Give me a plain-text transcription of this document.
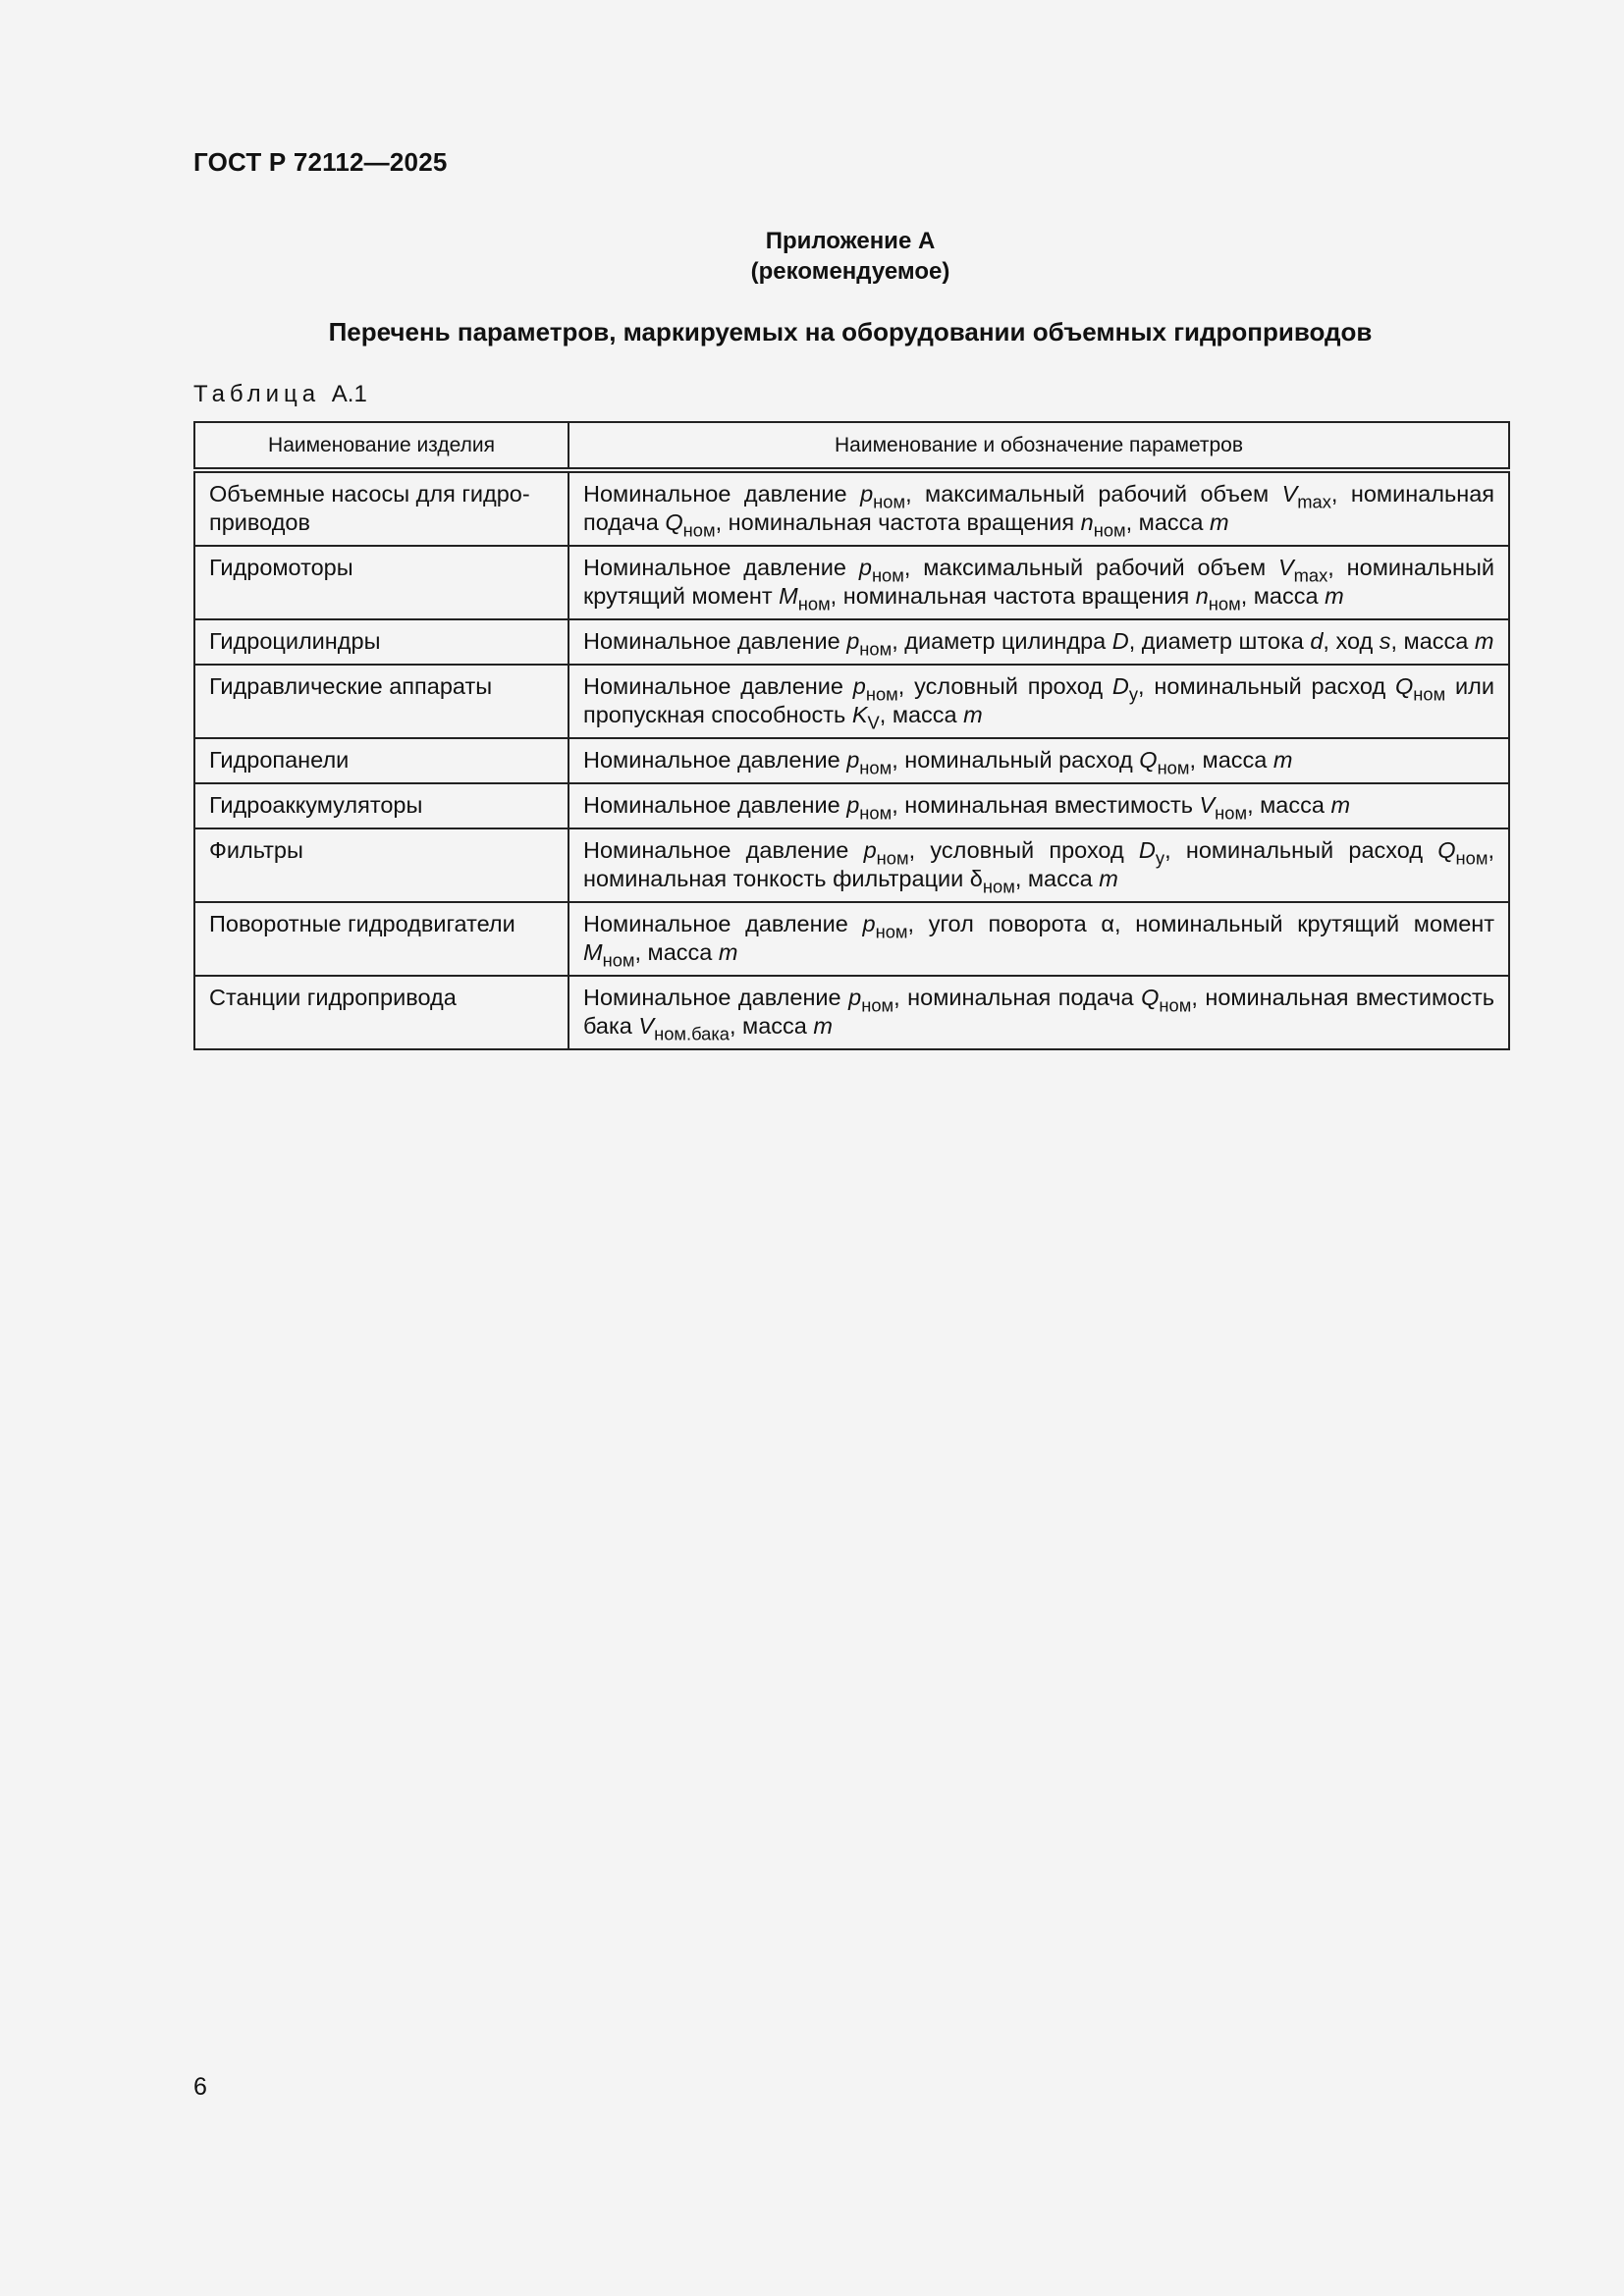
ГОСТ Р 72112—2025
Приложение А
(рекомендуемое)
Перечень параметров, маркируемых на оборудовании объемных гидроприводов
Таблица А.1
Наименование изделия	Наименование и обозначение параметров
Объемные насосы для гидро-приводов	Номинальное давление $p_{ном}$, максимальный рабочий объем $V_{max}$, номинальная подача $Q_{ном}$, номинальная частота вращения $n_{ном}$, масса m
Гидромоторы	Номинальное давление $p_{ном}$, максимальный рабочий объем $V_{max}$, номинальный крутящий момент $M_{ном}$, номинальная частота вращения $n_{ном}$, масса m
Гидроцилиндры	Номинальное давление $p_{ном}$, диаметр цилиндра D, диаметр штока d, ход s, масса m
Гидравлические аппараты	Номинальное давление $p_{ном}$, условный проход $D_y$, номинальный расход $Q_{ном}$ или пропускная способность $K_V$, масса m
Гидропанели	Номинальное давление $p_{ном}$, номинальный расход $Q_{ном}$, масса m
Гидроаккумуляторы	Номинальное давление $p_{ном}$, номинальная вместимость $V_{ном}$, масса m
Фильтры	Номинальное давление $p_{ном}$, условный проход $D_y$, номинальный расход $Q_{ном}$, номинальная тонкость фильтрации $\delta_{ном}$, масса m
Поворотные гидродвигатели	Номинальное давление $p_{ном}$, угол поворота α, номинальный крутящий момент $M_{ном}$, масса m
Станции гидропривода	Номинальное давление $p_{ном}$, номинальная подача $Q_{ном}$, номинальная вместимость бака $V_{ном.бака}$, масса m
6
